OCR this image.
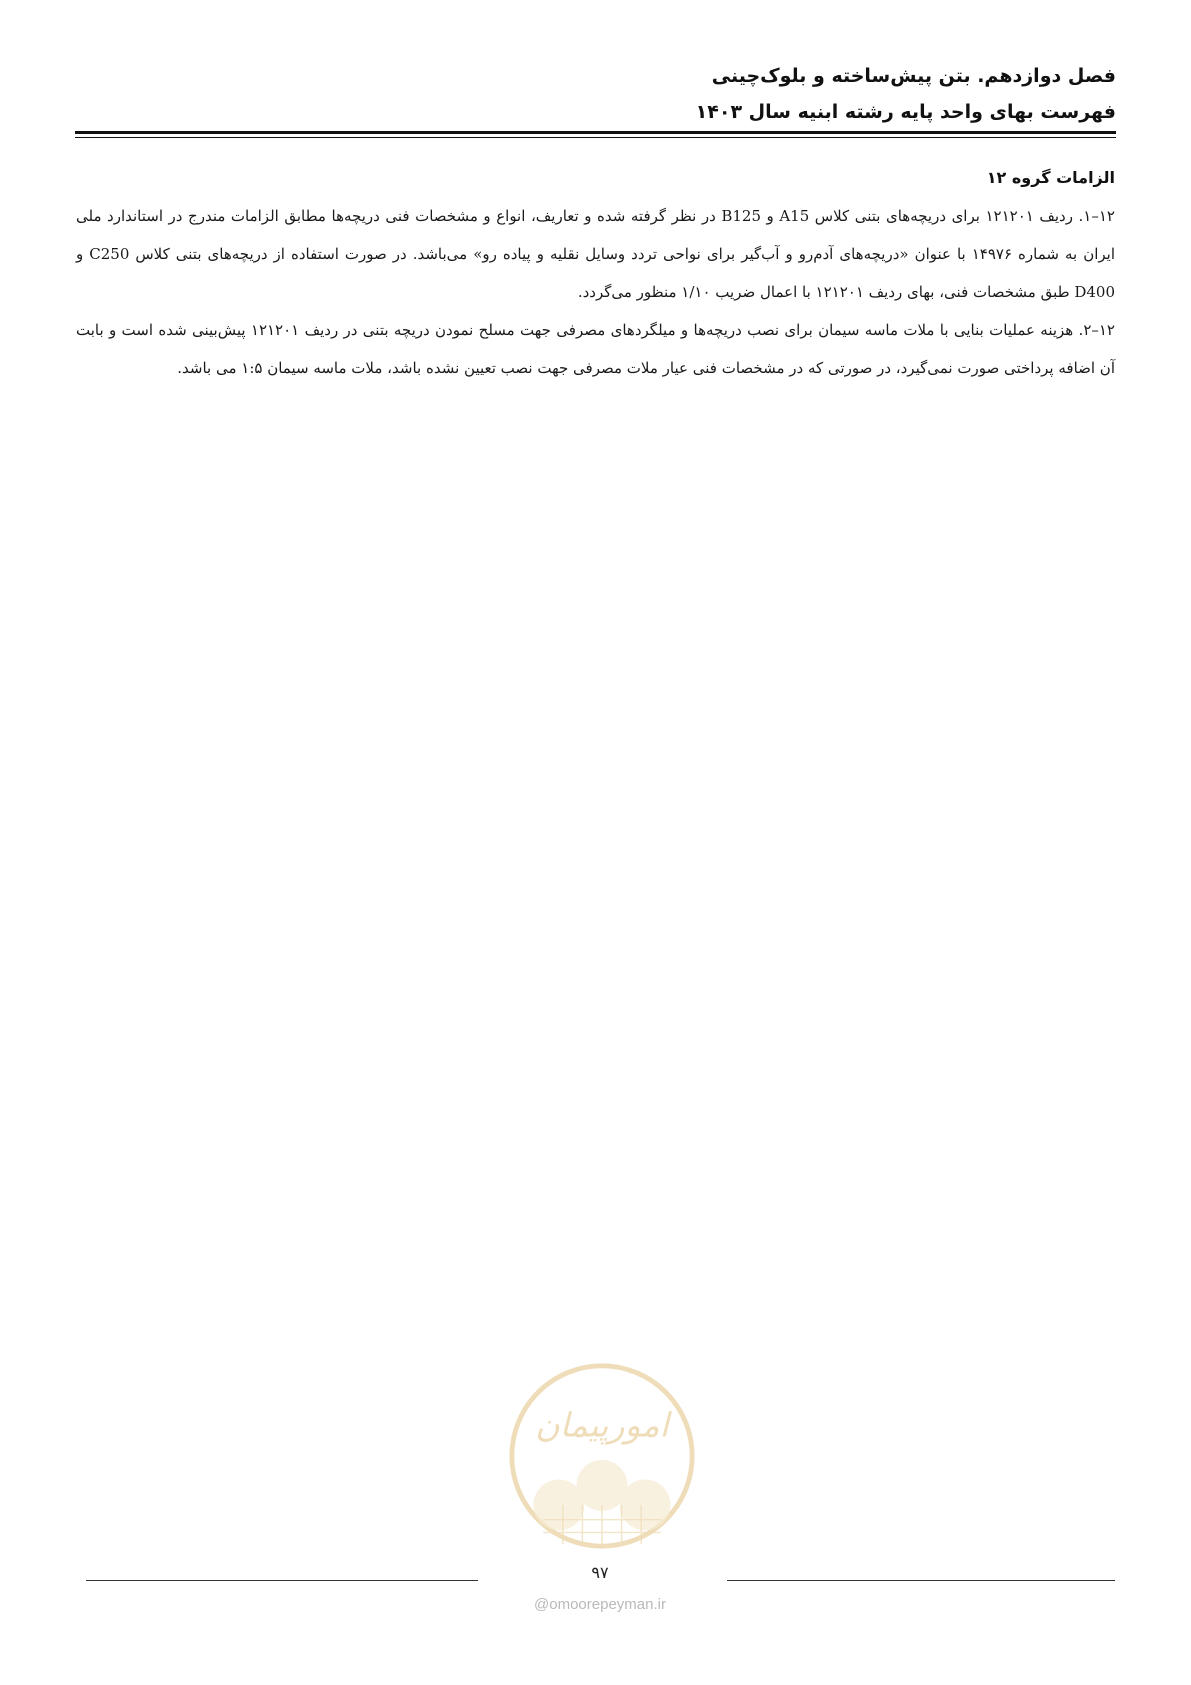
فصل دوازدهم. بتن پیش‌ساخته و بلوک‌چینی
فهرست بهای واحد پایه رشته ابنیه سال ۱۴۰۳
الزامات گروه ۱۲

۱۲–۱. ردیف ۱۲۱۲۰۱ برای دریچه‌های بتنی کلاس A15 و B125 در نظر گرفته شده و تعاریف، انواع و مشخصات فنی دریچه‌ها مطابق الزامات مندرج در استاندارد ملی ایران به شماره ۱۴۹۷۶ با عنوان «دریچه‌های آدم‌رو و آب‌گیر برای نواحی تردد وسایل نقلیه و پیاده رو» می‌باشد. در صورت استفاده از دریچه‌های بتنی کلاس C250 و D400 طبق مشخصات فنی، بهای ردیف ۱۲۱۲۰۱ با اعمال ضریب ۱/۱۰ منظور می‌گردد.

۱۲–۲. هزینه عملیات بنایی با ملات ماسه سیمان برای نصب دریچه‌ها و میلگردهای مصرفی جهت مسلح نمودن دریچه بتنی در ردیف ۱۲۱۲۰۱ پیش‌بینی شده است و بابت آن اضافه پرداختی صورت نمی‌گیرد، در صورتی که در مشخصات فنی عیار ملات مصرفی جهت نصب تعیین نشده باشد، ملات ماسه سیمان ۱:۵ می باشد.

امورپیمان
۹۷
@omoorepeyman.ir
